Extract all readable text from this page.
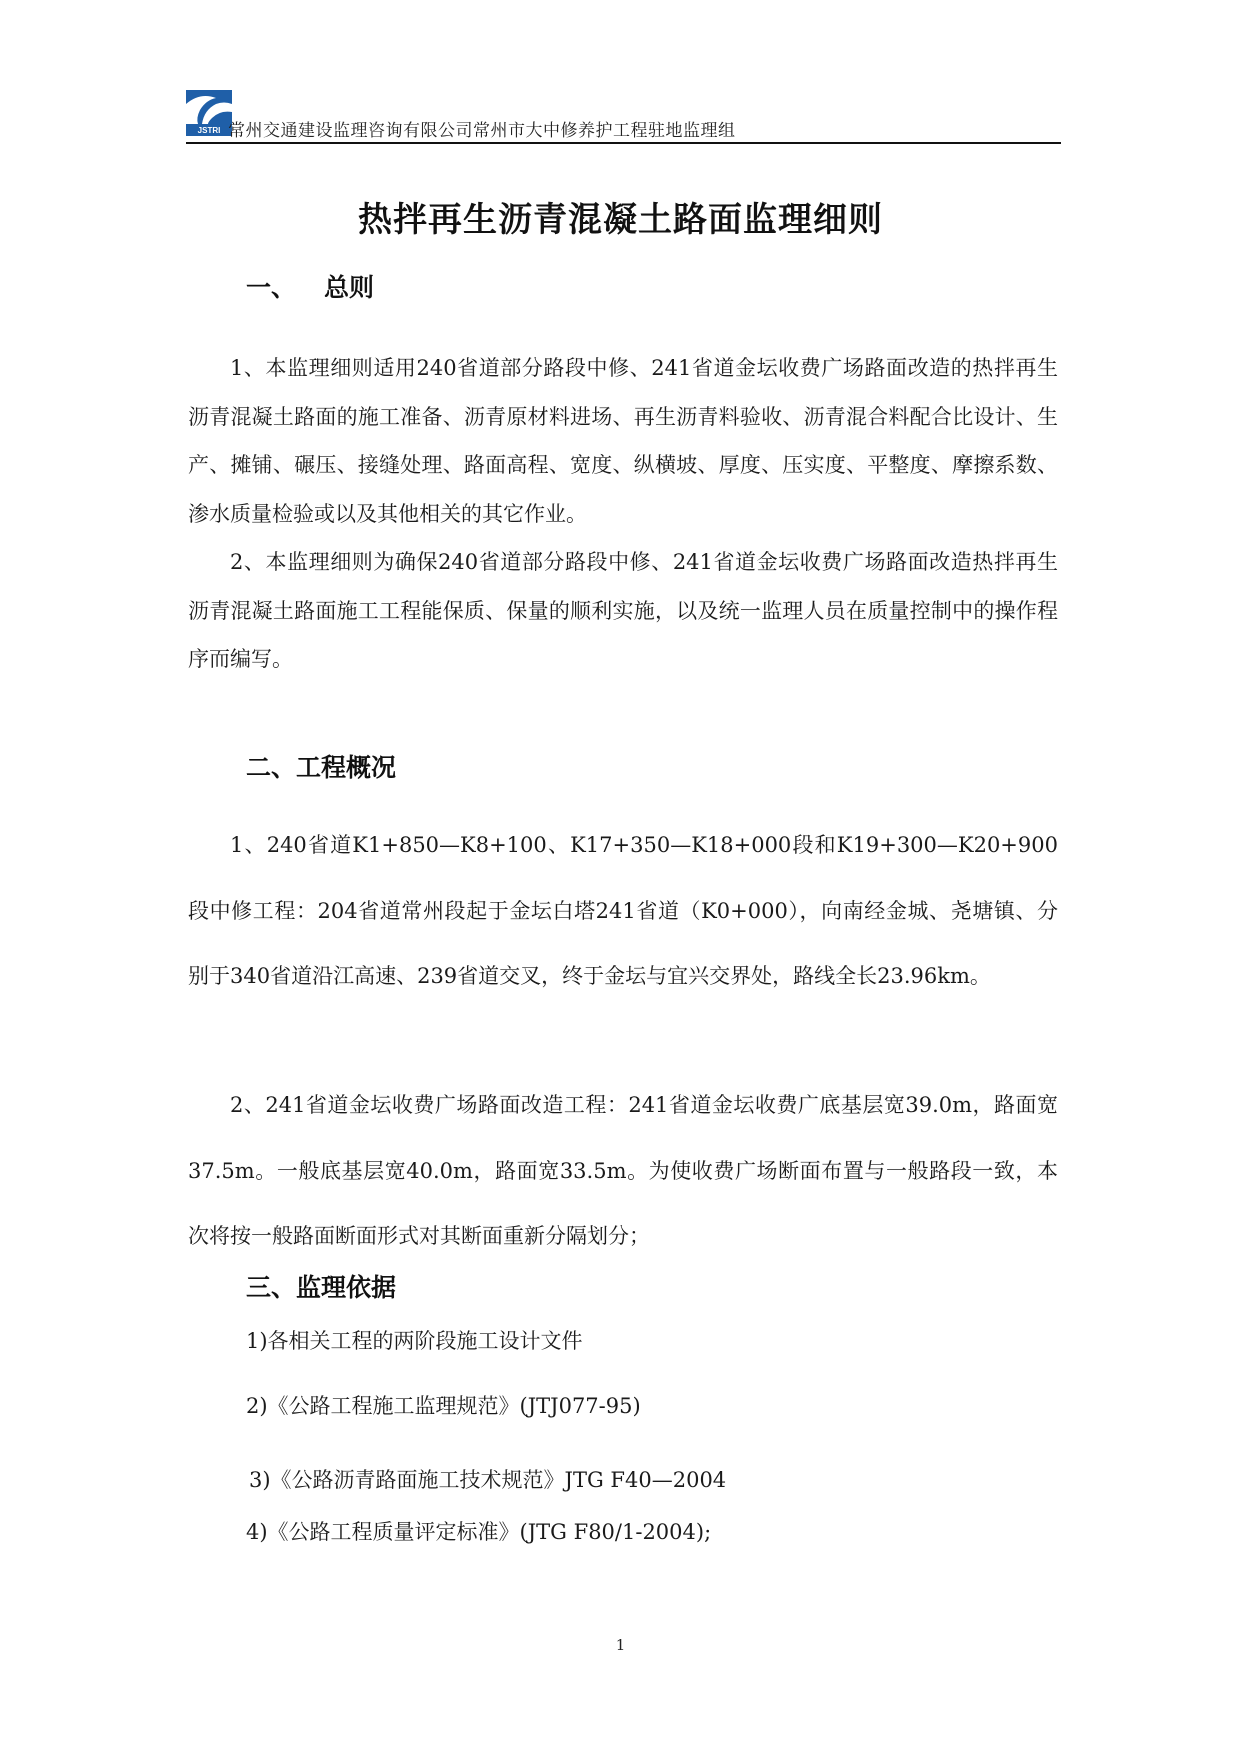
JSTRI 常州交通建设监理咨询有限公司常州市大中修养护工程驻地监理组
热拌再生沥青混凝土路面监理细则
一、 总则

1、本监理细则适用240省道部分路段中修、241省道金坛收费广场路面改造的热拌再生沥青混凝土路面的施工准备、沥青原材料进场、再生沥青料验收、沥青混合料配合比设计、生产、摊铺、碾压、接缝处理、路面高程、宽度、纵横坡、厚度、压实度、平整度、摩擦系数、渗水质量检验或以及其他相关的其它作业。

2、本监理细则为确保240省道部分路段中修、241省道金坛收费广场路面改造热拌再生沥青混凝土路面施工工程能保质、保量的顺利实施，以及统一监理人员在质量控制中的操作程序而编写。

二、工程概况

1、240省道K1+850—K8+100、K17+350—K18+000段和K19+300—K20+900段中修工程：204省道常州段起于金坛白塔241省道（K0+000），向南经金城、尧塘镇、分别于340省道沿江高速、239省道交叉，终于金坛与宜兴交界处，路线全长23.96km。

2、241省道金坛收费广场路面改造工程：241省道金坛收费广底基层宽39.0m，路面宽37.5m。一般底基层宽40.0m，路面宽33.5m。为使收费广场断面布置与一般路段一致，本次将按一般路面断面形式对其断面重新分隔划分；

三、监理依据
1)各相关工程的两阶段施工设计文件
2)《公路工程施工监理规范》(JTJ077-95)
3)《公路沥青路面施工技术规范》JTG F40—2004
4)《公路工程质量评定标准》(JTG F80/1-2004);
1
